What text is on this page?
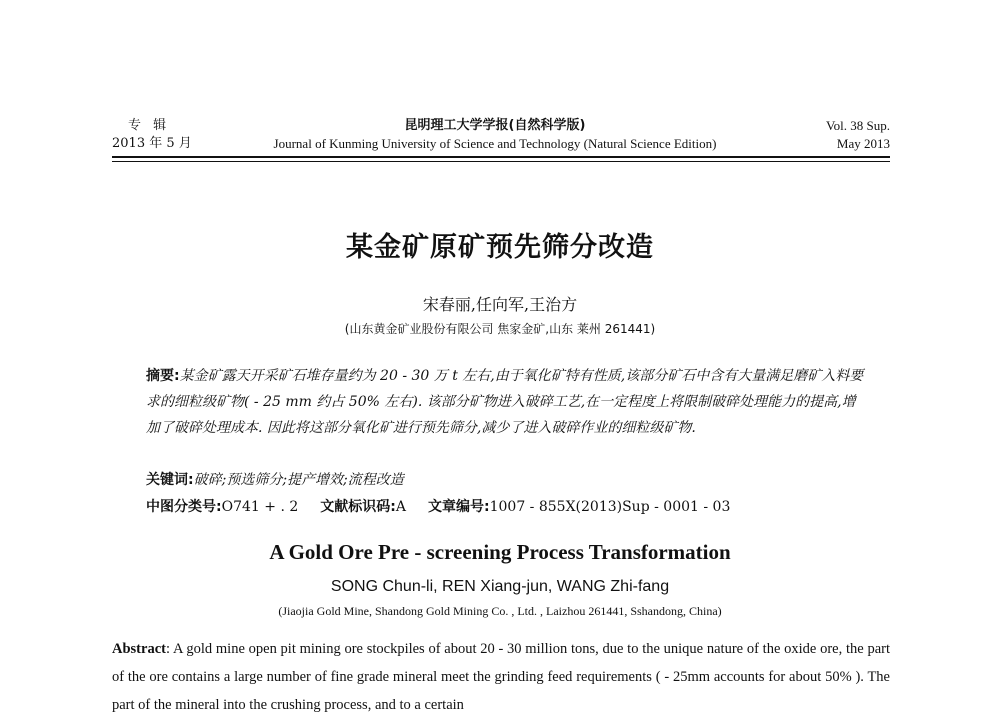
专 辑
2013 年 5 月
昆明理工大学学报(自然科学版)
Journal of Kunming University of Science and Technology (Natural Science Edition)
Vol. 38 Sup.
May 2013
某金矿原矿预先筛分改造
宋春丽,任向军,王治方
(山东黄金矿业股份有限公司 焦家金矿,山东 莱州 261441)
摘要:某金矿露天开采矿石堆存量约为 20 - 30 万 t 左右,由于氧化矿特有性质,该部分矿石中含有大量满足磨矿入料要求的细粒级矿物( - 25 mm 约占 50% 左右). 该部分矿物进入破碎工艺,在一定程度上将限制破碎处理能力的提高,增加了破碎处理成本. 因此将这部分氧化矿进行预先筛分,减少了进入破碎作业的细粒级矿物.
关键词:破碎;预选筛分;提产增效;流程改造
中图分类号:O741 + . 2 文献标识码:A 文章编号:1007 - 855X(2013)Sup - 0001 - 03
A Gold Ore Pre - screening Process Transformation
SONG Chun-li, REN Xiang-jun, WANG Zhi-fang
(Jiaojia Gold Mine, Shandong Gold Mining Co. , Ltd. , Laizhou 261441, Sshandong, China)
Abstract: A gold mine open pit mining ore stockpiles of about 20 - 30 million tons, due to the unique nature of the oxide ore, the part of the ore contains a large number of fine grade mineral meet the grinding feed requirements ( - 25mm accounts for about 50% ). The part of the mineral into the crushing process, and to a certain
